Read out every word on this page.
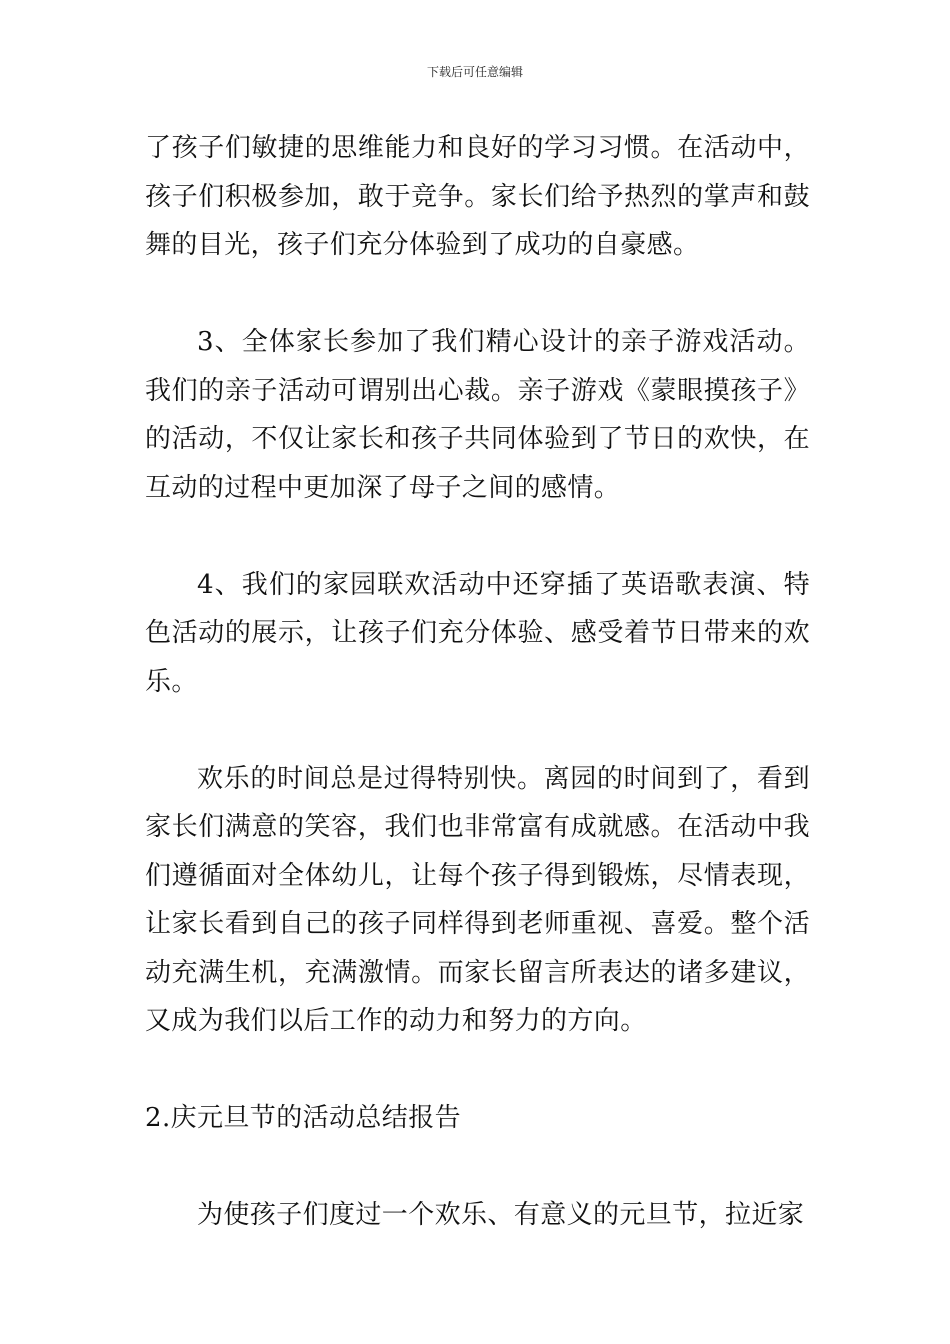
下载后可任意编辑

了孩子们敏捷的思维能力和良好的学习习惯。在活动中，孩子们积极参加，敢于竞争。家长们给予热烈的掌声和鼓舞的目光，孩子们充分体验到了成功的自豪感。

3、全体家长参加了我们精心设计的亲子游戏活动。我们的亲子活动可谓别出心裁。亲子游戏《蒙眼摸孩子》的活动，不仅让家长和孩子共同体验到了节日的欢快，在互动的过程中更加深了母子之间的感情。

4、我们的家园联欢活动中还穿插了英语歌表演、特色活动的展示，让孩子们充分体验、感受着节日带来的欢乐。

欢乐的时间总是过得特别快。离园的时间到了，看到家长们满意的笑容，我们也非常富有成就感。在活动中我们遵循面对全体幼儿，让每个孩子得到锻炼，尽情表现，让家长看到自己的孩子同样得到老师重视、喜爱。整个活动充满生机，充满激情。而家长留言所表达的诸多建议，又成为我们以后工作的动力和努力的方向。

2.庆元旦节的活动总结报告

为使孩子们度过一个欢乐、有意义的元旦节，拉近家
